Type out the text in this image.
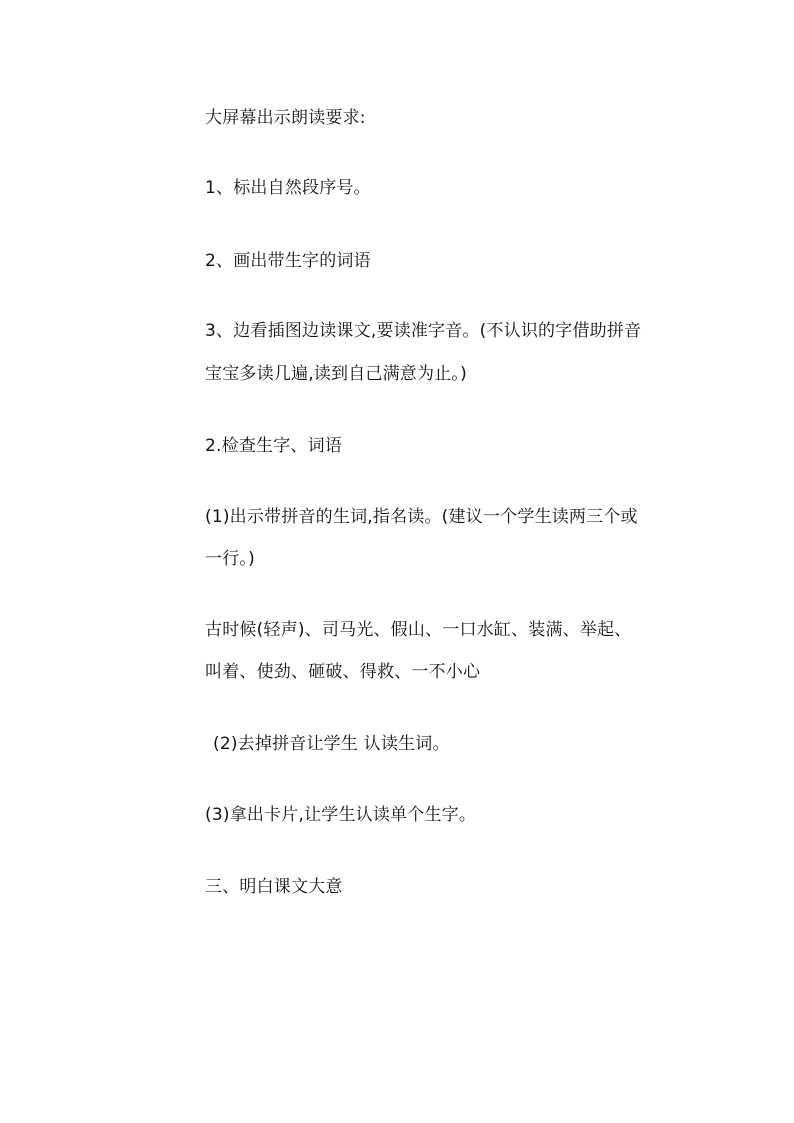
大屏幕出示朗读要求:
1、标出自然段序号。
2、画出带生字的词语
3、边看插图边读课文,要读准字音。(不认识的字借助拼音
宝宝多读几遍,读到自己满意为止。)
2.检查生字、词语
(1)出示带拼音的生词,指名读。(建议一个学生读两三个或
一行。)
古时候(轻声)、司马光、假山、一口水缸、装满、举起、
叫着、使劲、砸破、得救、一不小心
(2)去掉拼音让学生 认读生词。
(3)拿出卡片,让学生认读单个生字。
三、明白课文大意
